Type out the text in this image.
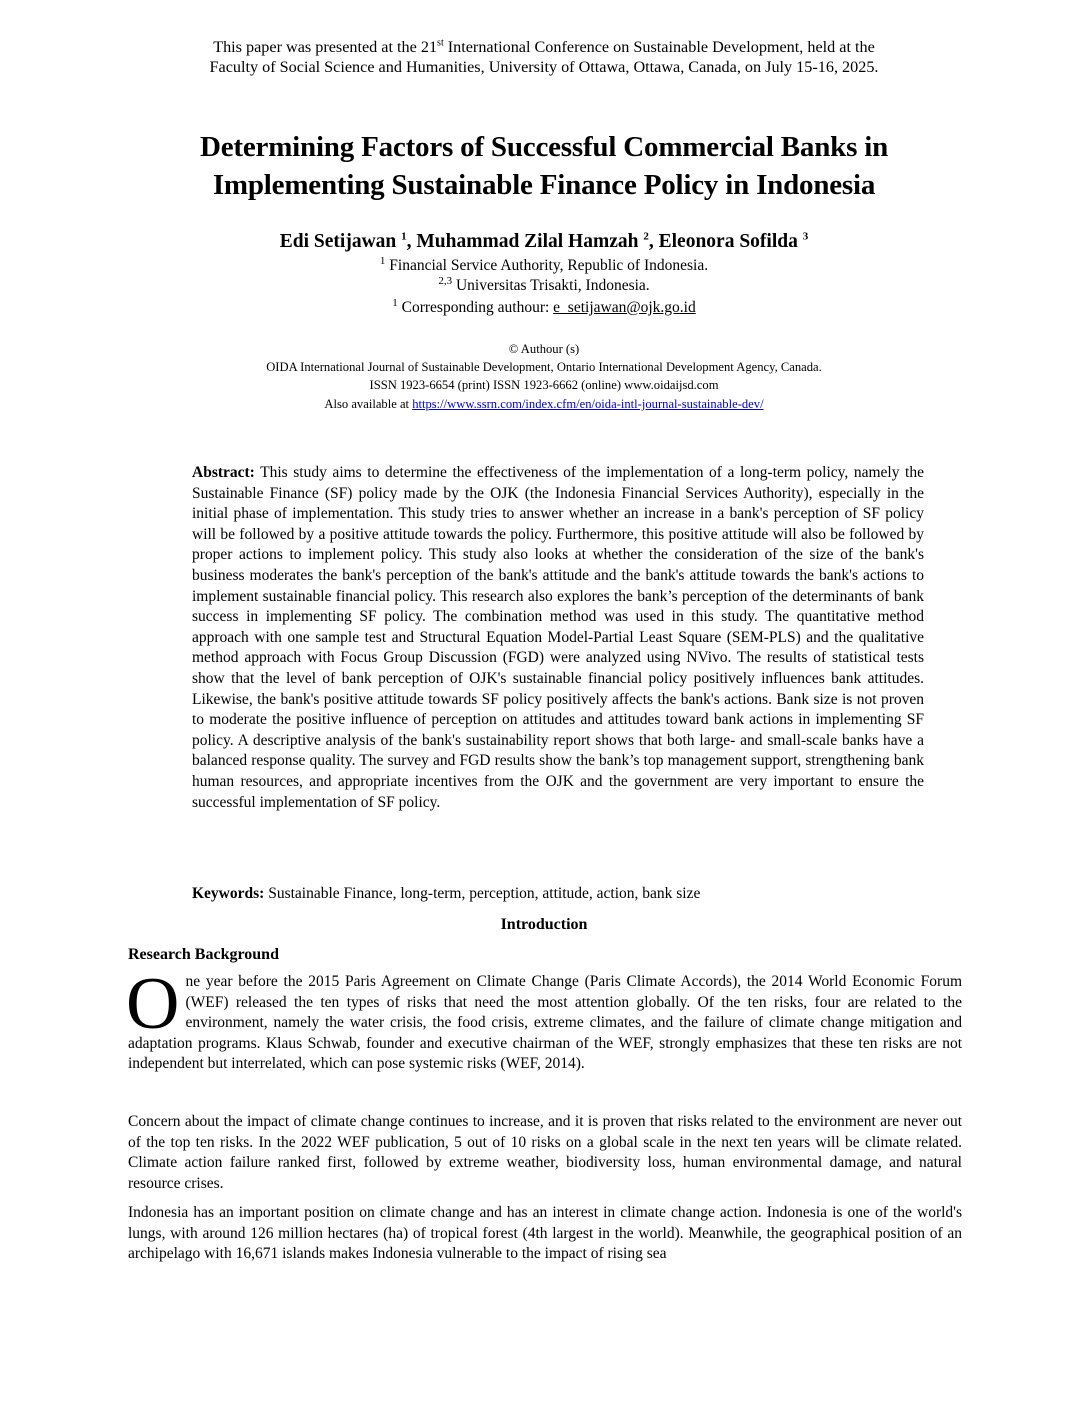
This paper was presented at the 21st International Conference on Sustainable Development, held at the
Faculty of Social Science and Humanities, University of Ottawa, Ottawa, Canada, on July 15-16, 2025.
Determining Factors of Successful Commercial Banks in
Implementing Sustainable Finance Policy in Indonesia
Edi Setijawan $^1$, Muhammad Zilal Hamzah $^2$, Eleonora Sofilda $^3$
$^1$ Financial Service Authority, Republic of Indonesia.
$^{2,3}$ Universitas Trisakti, Indonesia.
$^1$ Corresponding authour: e_setijawan@ojk.go.id
© Authour (s)
OIDA International Journal of Sustainable Development, Ontario International Development Agency, Canada.
ISSN 1923-6654 (print) ISSN 1923-6662 (online) www.oidaijsd.com
Also available at https://www.ssrn.com/index.cfm/en/oida-intl-journal-sustainable-dev/

Abstract: This study aims to determine the effectiveness of the implementation of a long-term policy, namely the Sustainable Finance (SF) policy made by the OJK (the Indonesia Financial Services Authority), especially in the initial phase of implementation. This study tries to answer whether an increase in a bank's perception of SF policy will be followed by a positive attitude towards the policy. Furthermore, this positive attitude will also be followed by proper actions to implement policy. This study also looks at whether the consideration of the size of the bank's business moderates the bank's perception of the bank's attitude and the bank's attitude towards the bank's actions to implement sustainable financial policy. This research also explores the bank’s perception of the determinants of bank success in implementing SF policy. The combination method was used in this study. The quantitative method approach with one sample test and Structural Equation Model-Partial Least Square (SEM-PLS) and the qualitative method approach with Focus Group Discussion (FGD) were analyzed using NVivo. The results of statistical tests show that the level of bank perception of OJK's sustainable financial policy positively influences bank attitudes. Likewise, the bank's positive attitude towards SF policy positively affects the bank's actions. Bank size is not proven to moderate the positive influence of perception on attitudes and attitudes toward bank actions in implementing SF policy. A descriptive analysis of the bank's sustainability report shows that both large- and small-scale banks have a balanced response quality. The survey and FGD results show the bank’s top management support, strengthening bank human resources, and appropriate incentives from the OJK and the government are very important to ensure the successful implementation of SF policy.

Keywords: Sustainable Finance, long-term, perception, attitude, action, bank size
Introduction
Research Background

One year before the 2015 Paris Agreement on Climate Change (Paris Climate Accords), the 2014 World Economic Forum (WEF) released the ten types of risks that need the most attention globally. Of the ten risks, four are related to the environment, namely the water crisis, the food crisis, extreme climates, and the failure of climate change mitigation and adaptation programs. Klaus Schwab, founder and executive chairman of the WEF, strongly emphasizes that these ten risks are not independent but interrelated, which can pose systemic risks (WEF, 2014).

Concern about the impact of climate change continues to increase, and it is proven that risks related to the environment are never out of the top ten risks. In the 2022 WEF publication, 5 out of 10 risks on a global scale in the next ten years will be climate related. Climate action failure ranked first, followed by extreme weather, biodiversity loss, human environmental damage, and natural resource crises.

Indonesia has an important position on climate change and has an interest in climate change action. Indonesia is one of the world's lungs, with around 126 million hectares (ha) of tropical forest (4th largest in the world). Meanwhile, the geographical position of an archipelago with 16,671 islands makes Indonesia vulnerable to the impact of rising sea
